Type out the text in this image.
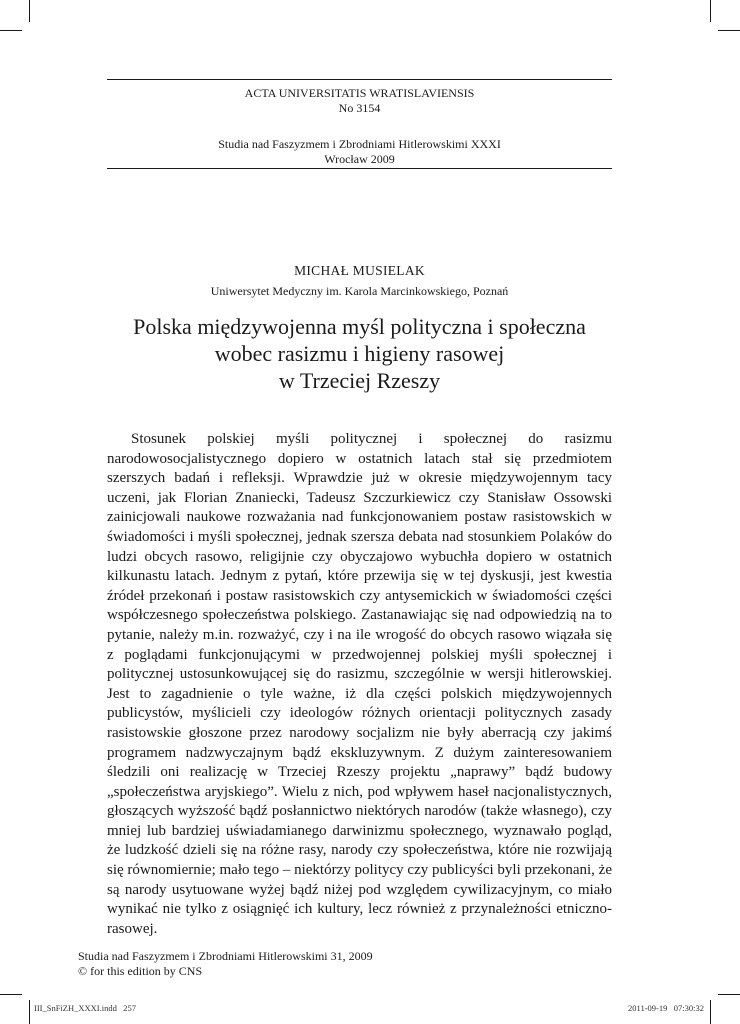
ACTA UNIVERSITATIS WRATISLAVIENSIS
No 3154
Studia nad Faszyzmem i Zbrodniami Hitlerowskimi XXXI
Wrocław 2009
MICHAŁ MUSIELAK
Uniwersytet Medyczny im. Karola Marcinkowskiego, Poznań
Polska międzywojenna myśl polityczna i społeczna
wobec rasizmu i higieny rasowej
w Trzeciej Rzeszy

Stosunek polskiej myśli politycznej i społecznej do rasizmu narodowosocjalistycznego dopiero w ostatnich latach stał się przedmiotem szerszych badań i refleksji. Wprawdzie już w okresie międzywojennym tacy uczeni, jak Florian Znaniecki, Tadeusz Szczurkiewicz czy Stanisław Ossowski zainicjowali naukowe rozważania nad funkcjonowaniem postaw rasistowskich w świadomości i myśli społecznej, jednak szersza debata nad stosunkiem Polaków do ludzi obcych rasowo, religijnie czy obyczajowo wybuchła dopiero w ostatnich kilkunastu latach. Jednym z pytań, które przewija się w tej dyskusji, jest kwestia źródeł przekonań i postaw rasistowskich czy antysemickich w świadomości części współczesnego społeczeństwa polskiego. Zastanawiając się nad odpowiedzią na to pytanie, należy m.in. rozważyć, czy i na ile wrogość do obcych rasowo wiązała się z poglądami funkcjonującymi w przedwojennej polskiej myśli społecznej i politycznej ustosunkowującej się do rasizmu, szczególnie w wersji hitlerowskiej. Jest to zagadnienie o tyle ważne, iż dla części polskich międzywojennych publicystów, myślicieli czy ideologów różnych orientacji politycznych zasady rasistowskie głoszone przez narodowy socjalizm nie były aberracją czy jakimś programem nadzwyczajnym bądź ekskluzywnym. Z dużym zainteresowaniem śledzili oni realizację w Trzeciej Rzeszy projektu „naprawy” bądź budowy „społeczeństwa aryjskiego”. Wielu z nich, pod wpływem haseł nacjonalistycznych, głoszących wyższość bądź posłannictwo niektórych narodów (także własnego), czy mniej lub bardziej uświadamianego darwinizmu społecznego, wyznawało pogląd, że ludzkość dzieli się na różne rasy, narody czy społeczeństwa, które nie rozwijają się równomiernie; mało tego – niektórzy politycy czy publicyści byli przekonani, że są narody usytuowane wyżej bądź niżej pod względem cywilizacyjnym, co miało wynikać nie tylko z osiągnięć ich kultury, lecz również z przynależności etniczno-rasowej.

Studia nad Faszyzmem i Zbrodniami Hitlerowskimi 31, 2009
© for this edition by CNS
III_SnFiZH_XXXI.indd   257	2011-09-19   07:30:32
